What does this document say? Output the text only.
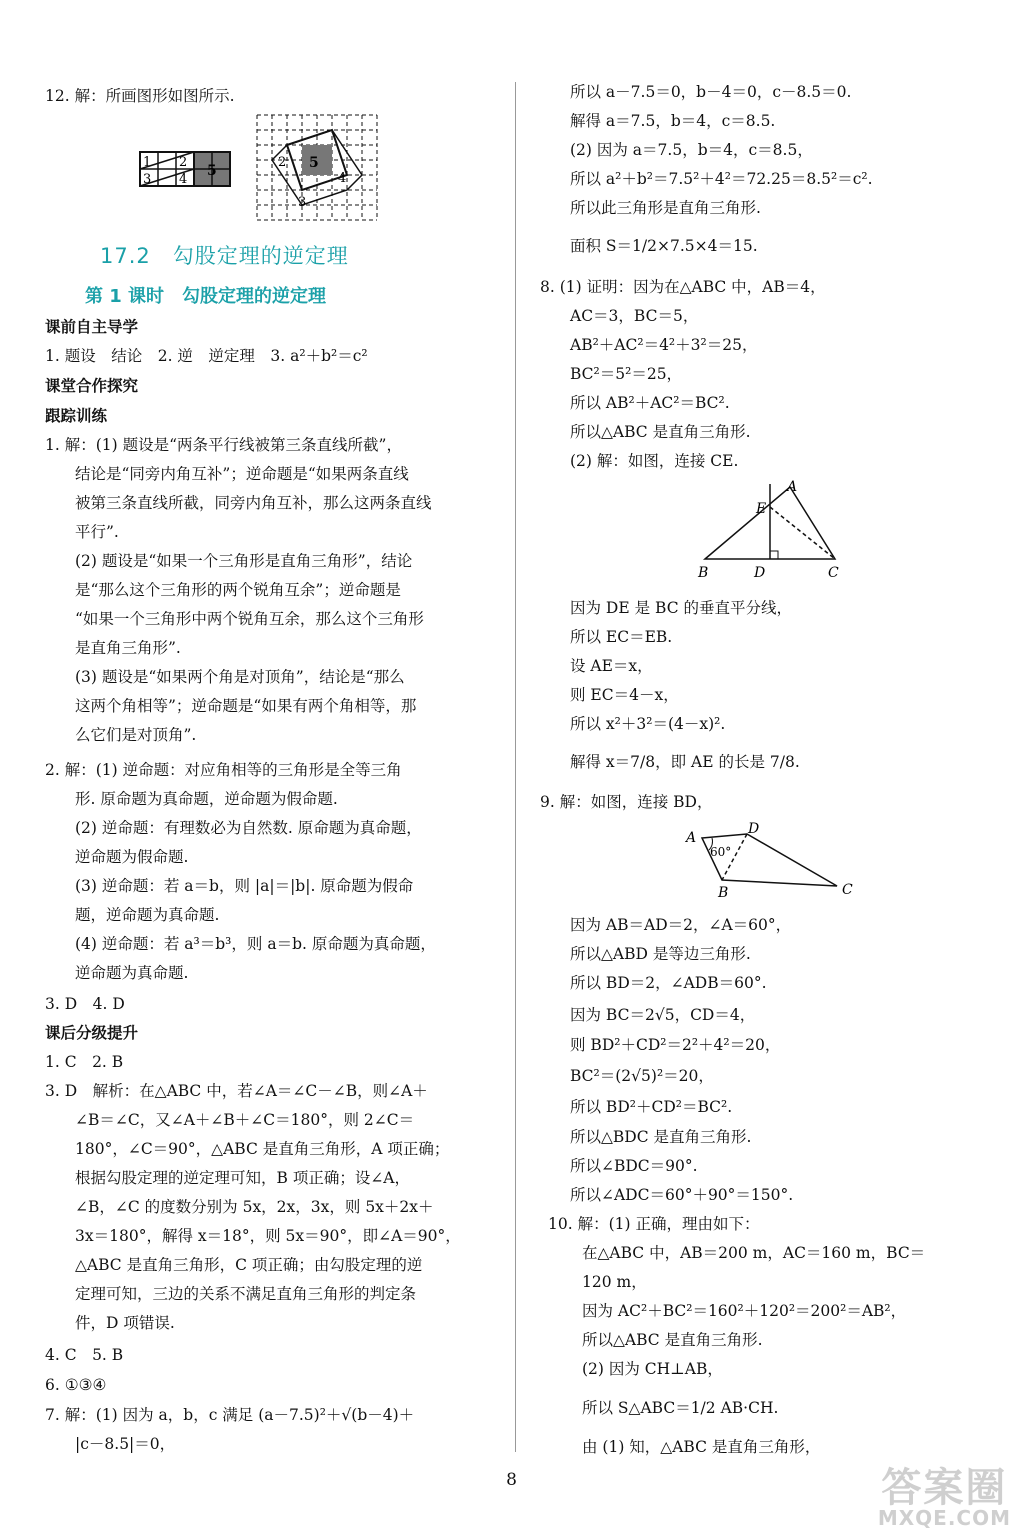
12. 解：所画图形如图所示.
课前自主导学
1. 题设　结论　2. 逆　逆定理　3. a²＋b²＝c²
课堂合作探究
跟踪训练
1. 解：(1) 题设是“两条平行线被第三条直线所截”，
结论是“同旁内角互补”；逆命题是“如果两条直线
被第三条直线所截，同旁内角互补，那么这两条直线
平行”.
(2) 题设是“如果一个三角形是直角三角形”，结论
是“那么这个三角形的两个锐角互余”；逆命题是
“如果一个三角形中两个锐角互余，那么这个三角形
是直角三角形”.
(3) 题设是“如果两个角是对顶角”，结论是“那么
这两个角相等”；逆命题是“如果有两个角相等，那
么它们是对顶角”.
2. 解：(1) 逆命题：对应角相等的三角形是全等三角
形. 原命题为真命题，逆命题为假命题.
(2) 逆命题：有理数必为自然数. 原命题为真命题，
逆命题为假命题.
(3) 逆命题：若 a＝b，则 |a|＝|b|. 原命题为假命
题，逆命题为真命题.
(4) 逆命题：若 a³＝b³，则 a＝b. 原命题为真命题，
逆命题为真命题.
3. D　4. D
课后分级提升
1. C　2. B
3. D　解析：在△ABC 中，若∠A＝∠C－∠B，则∠A＋
∠B＝∠C，又∠A＋∠B＋∠C＝180°，则 2∠C＝
180°，∠C＝90°，△ABC 是直角三角形，A 项正确；
根据勾股定理的逆定理可知，B 项正确；设∠A，
∠B，∠C 的度数分别为 5x，2x，3x，则 5x＋2x＋
3x＝180°，解得 x＝18°，则 5x＝90°，即∠A＝90°，
△ABC 是直角三角形，C 项正确；由勾股定理的逆
定理可知，三边的关系不满足直角三角形的判定条
件，D 项错误.
4. C　5. B
6. ①③④
7. 解：(1) 因为 a，b，c 满足 (a－7.5)²＋√(b－4)＋
|c－8.5|＝0，
所以 a－7.5＝0，b－4＝0，c－8.5＝0.
解得 a＝7.5，b＝4，c＝8.5.
(2) 因为 a＝7.5，b＝4，c＝8.5，
所以 a²＋b²＝7.5²＋4²＝72.25＝8.5²＝c².
所以此三角形是直角三角形.
面积 S＝1/2×7.5×4＝15.
8. (1) 证明：因为在△ABC 中，AB＝4，
AC＝3，BC＝5，
AB²＋AC²＝4²＋3²＝25，
BC²＝5²＝25，
所以 AB²＋AC²＝BC².
所以△ABC 是直角三角形.
(2) 解：如图，连接 CE.
因为 DE 是 BC 的垂直平分线，
所以 EC＝EB.
设 AE＝x，
则 EC＝4－x，
所以 x²＋3²＝(4－x)².
解得 x＝7/8，即 AE 的长是 7/8.
9. 解：如图，连接 BD，
因为 AB＝AD＝2，∠A＝60°，
所以△ABD 是等边三角形.
所以 BD＝2，∠ADB＝60°.
因为 BC＝2√5，CD＝4，
则 BD²＋CD²＝2²＋4²＝20，
BC²＝(2√5)²＝20，
所以 BD²＋CD²＝BC².
所以△BDC 是直角三角形.
所以∠BDC＝90°.
所以∠ADC＝60°＋90°＝150°.
10. 解：(1) 正确，理由如下：
在△ABC 中，AB＝200 m，AC＝160 m，BC＝
120 m，
因为 AC²＋BC²＝160²＋120²＝200²＝AB²，
所以△ABC 是直角三角形.
(2) 因为 CH⊥AB，
所以 S△ABC＝1/2 AB·CH.
由 (1) 知，△ABC 是直角三角形，
17.2　勾股定理的逆定理
第 1 课时　勾股定理的逆定理
1
3
2
4
5
2
4
3
5
A
E
B	D	C
A
D
B	C
60°
8	答案圈
MXQE.COM
